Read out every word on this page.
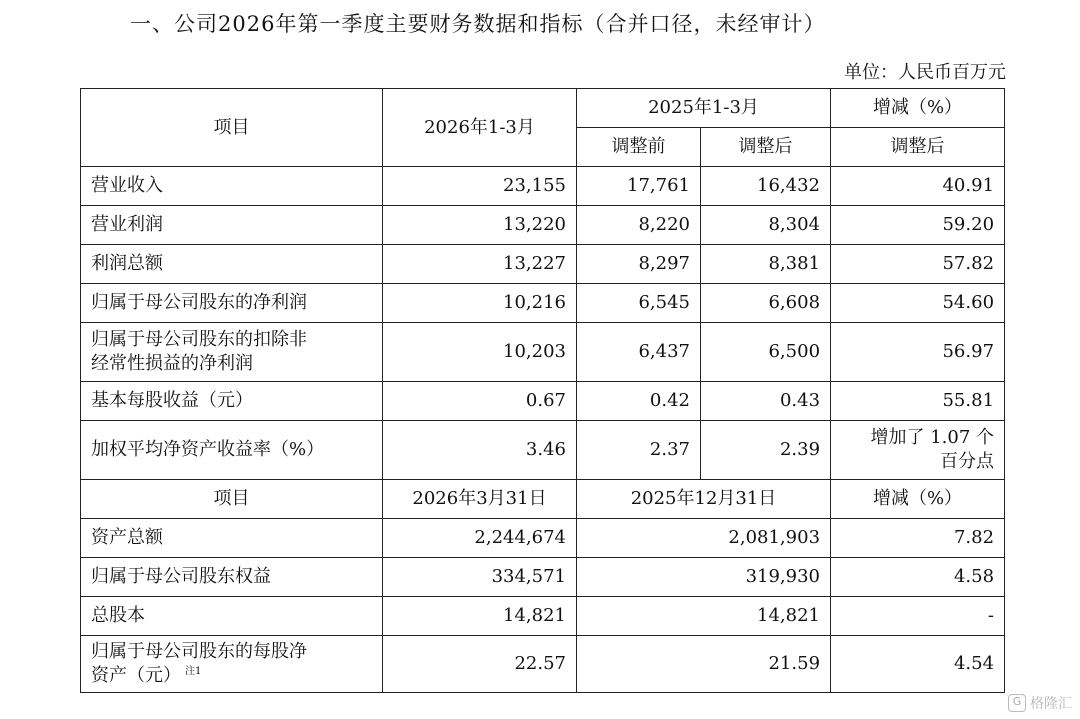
一、公司2026年第一季度主要财务数据和指标（合并口径，未经审计）
单位：人民币百万元
项目	2026年1-3月	2025年1-3月		增减（%）
		调整前	调整后	调整后
营业收入	23,155	17,761	16,432	40.91
营业利润	13,220	8,220	8,304	59.20
利润总额	13,227	8,297	8,381	57.82
归属于母公司股东的净利润	10,216	6,545	6,608	54.60
归属于母公司股东的扣除非
经常性损益的净利润	10,203	6,437	6,500	56.97
基本每股收益（元）	0.67	0.42	0.43	55.81
加权平均净资产收益率（%）	3.46	2.37	2.39	增加了 1.07 个
百分点
项目	2026年3月31日	2025年12月31日		增减（%）
资产总额	2,244,674	2,081,903		7.82
归属于母公司股东权益	334,571	319,930		4.58
总股本	14,821	14,821		-
归属于母公司股东的每股净
资产（元） $^{注1}$	22.57	21.59		4.54
G 格隆汇
